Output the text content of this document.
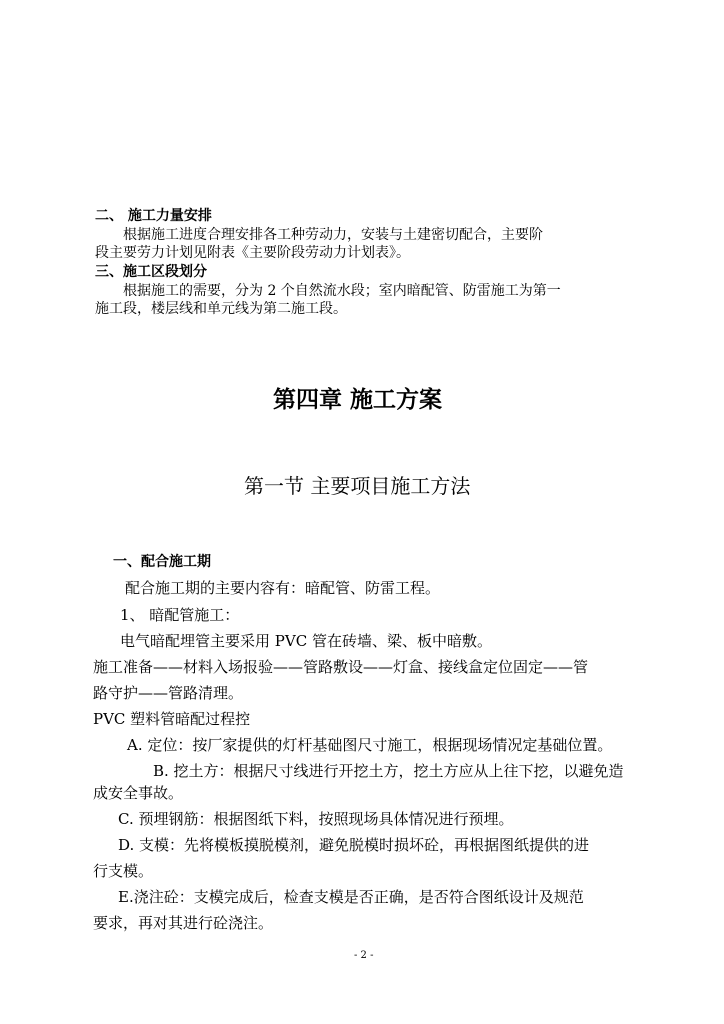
二、 施工力量安排
根据施工进度合理安排各工种劳动力，安装与土建密切配合，主要阶
段主要劳力计划见附表《主要阶段劳动力计划表》。
三、施工区段划分
根据施工的需要，分为 2 个自然流水段；室内暗配管、防雷施工为第一
施工段，楼层线和单元线为第二施工段。
第四章 施工方案
第一节 主要项目施工方法
一、配合施工期
配合施工期的主要内容有：暗配管、防雷工程。
1、 暗配管施工：
电气暗配埋管主要采用 PVC 管在砖墙、梁、板中暗敷。
施工准备——材料入场报验——管路敷设——灯盒、接线盒定位固定——管
路守护——管路清理。
PVC 塑料管暗配过程控
A. 定位：按厂家提供的灯杆基础图尺寸施工，根据现场情况定基础位置。
B. 挖土方：根据尺寸线进行开挖土方，挖土方应从上往下挖，以避免造
成安全事故。
C. 预埋钢筋：根据图纸下料，按照现场具体情况进行预埋。
D. 支模：先将模板摸脱模剂，避免脱模时损坏砼，再根据图纸提供的进
行支模。
E.浇注砼：支模完成后，检查支模是否正确，是否符合图纸设计及规范
要求，再对其进行砼浇注。
- 2 -
